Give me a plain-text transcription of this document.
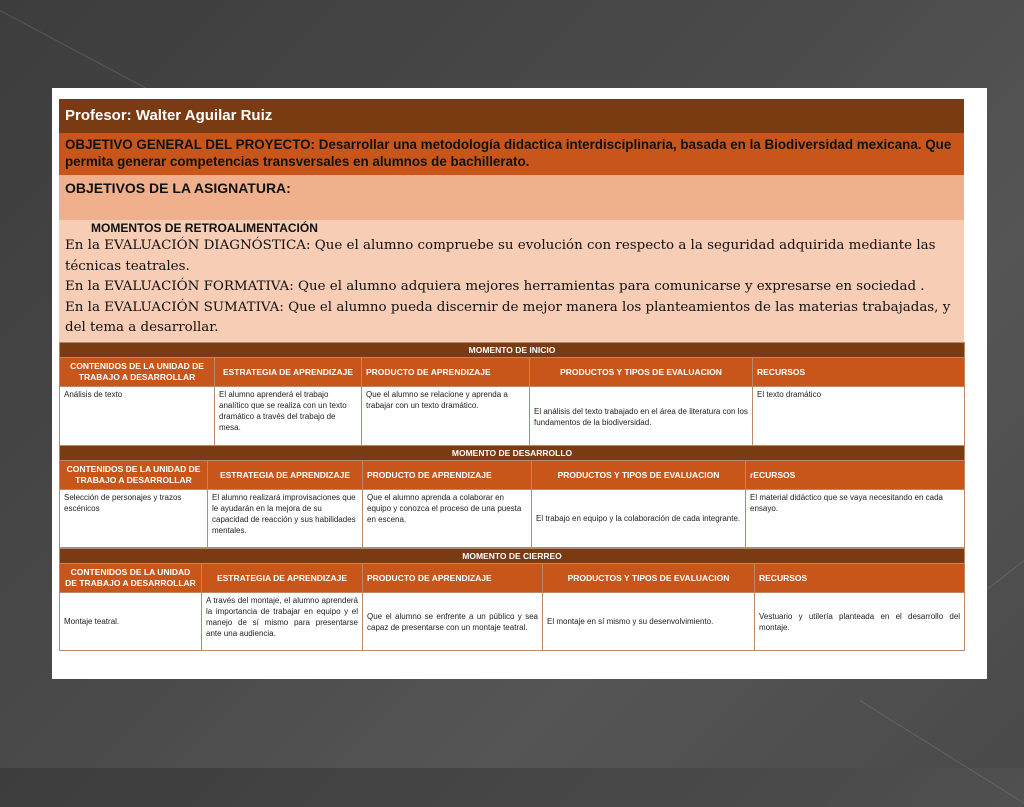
Profesor: Walter Aguilar Ruiz
OBJETIVO GENERAL DEL PROYECTO: Desarrollar una metodología didactica interdisciplinaria, basada en la Biodiversidad mexicana. Que permita generar competencias transversales en alumnos de bachillerato.
OBJETIVOS DE LA ASIGNATURA:
MOMENTOS DE RETROALIMENTACIÓN
En la EVALUACIÓN DIAGNÓSTICA: Que el alumno compruebe su evolución con respecto a la seguridad adquirida mediante las técnicas teatrales.
En la EVALUACIÓN FORMATIVA: Que el alumno adquiera mejores herramientas para comunicarse y expresarse en sociedad .
En la EVALUACIÓN SUMATIVA: Que el alumno pueda discernir de mejor manera los planteamientos de las materias trabajadas, y del tema a desarrollar.
MOMENTO DE INICIO				
CONTENIDOS DE LA UNIDAD DE TRABAJO A DESARROLLAR	ESTRATEGIA DE APRENDIZAJE	PRODUCTO DE APRENDIZAJE	PRODUCTOS Y TIPOS DE EVALUACION	RECURSOS
Análisis de texto	El alumno aprenderá el trabajo analítico que se realiza con un texto dramático a través del trabajo de mesa.	Que el alumno se relacione y aprenda a trabajar con un texto dramático.	El análisis del texto trabajado en el área de literatura con los fundamentos de la biodiversidad.	El texto dramático
MOMENTO DE DESARROLLO				
CONTENIDOS DE LA UNIDAD DE TRABAJO A DESARROLLAR	ESTRATEGIA DE APRENDIZAJE	PRODUCTO DE APRENDIZAJE	PRODUCTOS Y TIPOS DE EVALUACION	rECURSOS
Selección de personajes y trazos escénicos	El alumno realizará improvisaciones que le ayudarán en la mejora de su capacidad de reacción y sus habilidades mentales.	Que el alumno aprenda a colaborar en equipo y conozca el proceso de una puesta en escena.	El trabajo en equipo y la colaboración de cada integrante.	El material didáctico que se vaya necesitando en cada ensayo.
MOMENTO DE CIERREO				
CONTENIDOS DE LA UNIDAD DE TRABAJO A DESARROLLAR	ESTRATEGIA DE APRENDIZAJE	PRODUCTO DE APRENDIZAJE	PRODUCTOS Y TIPOS DE EVALUACION	RECURSOS
Montaje teatral.	A través del montaje, el alumno aprenderá la importancia de trabajar en equipo y el manejo de sí mismo para presentarse ante una audiencia.	Que el alumno se enfrente a un público y sea capaz de presentarse con un montaje teatral.	El montaje en sí mismo y su desenvolvimiento.	Vestuario y utilería planteada en el desarrollo del montaje.
